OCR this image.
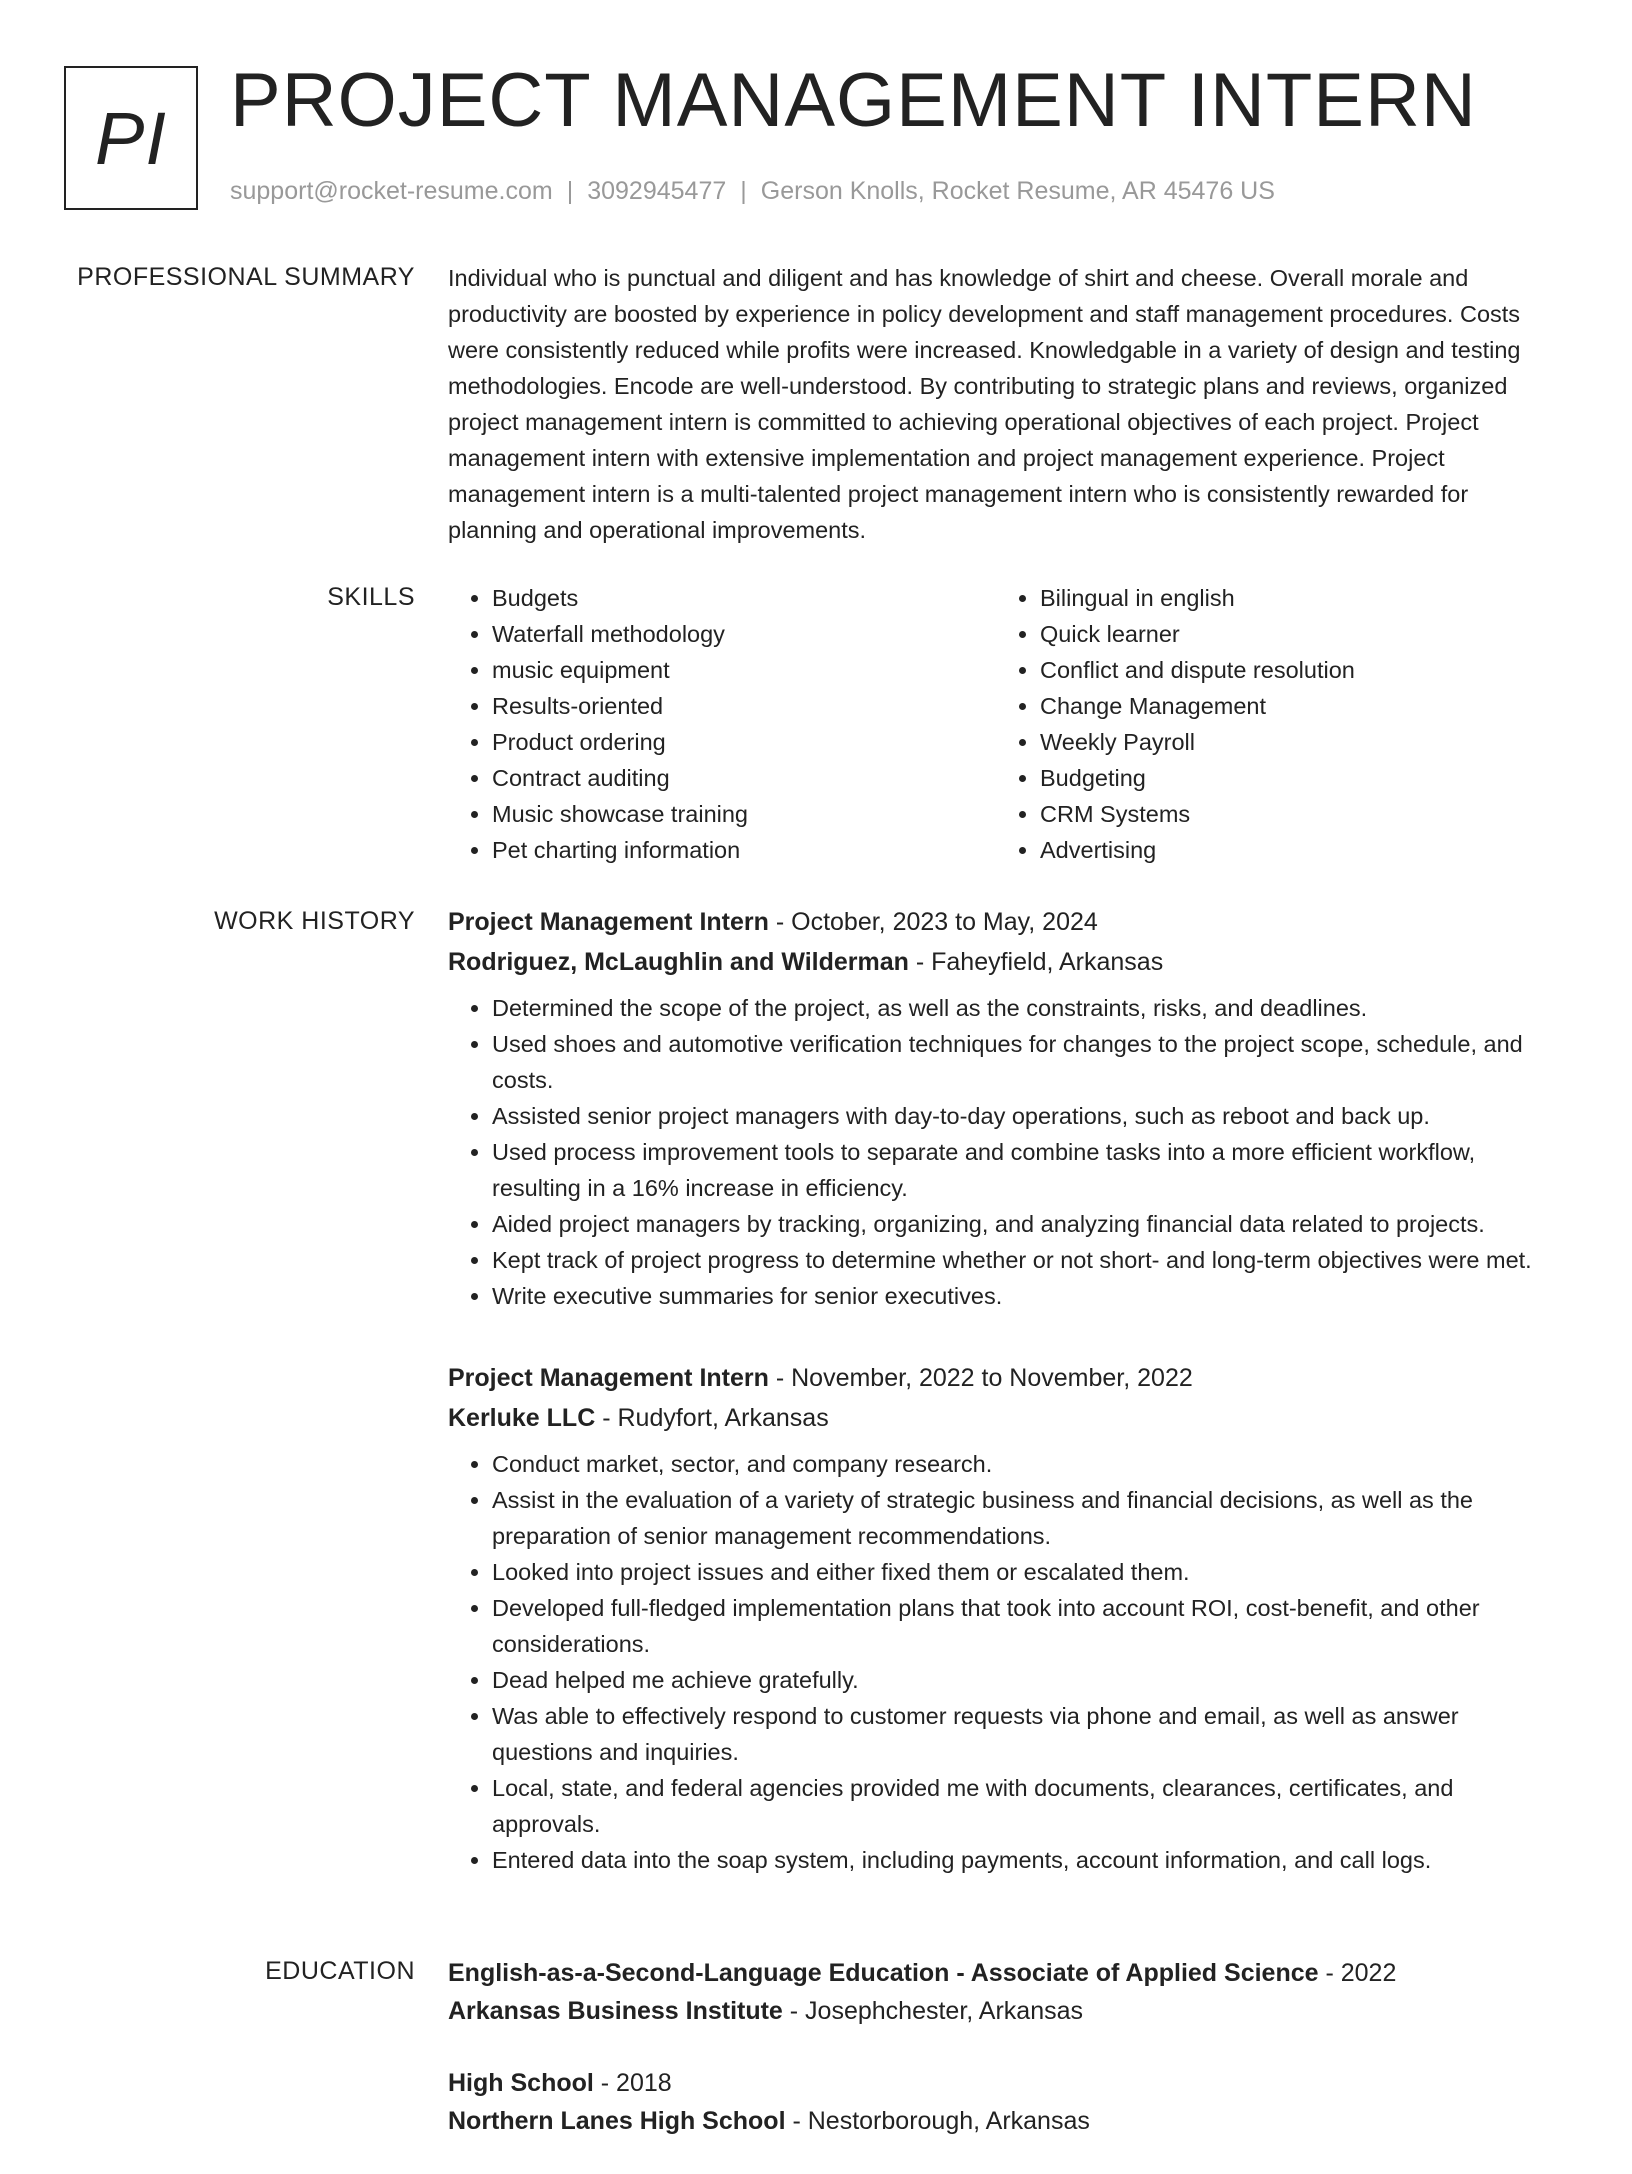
PI PROJECT MANAGEMENT INTERN
support@rocket-resume.com | 3092945477 | Gerson Knolls, Rocket Resume, AR 45476 US
PROFESSIONAL SUMMARY Individual who is punctual and diligent and has knowledge of shirt and cheese. Overall morale and productivity are boosted by experience in policy development and staff management procedures. Costs were consistently reduced while profits were increased. Knowledgable in a variety of design and testing methodologies. Encode are well-understood. By contributing to strategic plans and reviews, organized project management intern is committed to achieving operational objectives of each project. Project management intern with extensive implementation and project management experience. Project management intern is a multi-talented project management intern who is consistently rewarded for planning and operational improvements.

SKILLS
•	Budgets
• Waterfall methodology
• music equipment
• Results-oriented
• Product ordering
• Contract auditing
• Music showcase training
• Pet charting information
• Bilingual in english
• Quick learner
• Conflict and dispute resolution
• Change Management
• Weekly Payroll
• Budgeting
• CRM Systems
• Advertising
WORK HISTORY Project Management Intern - October, 2023 to May, 2024
Rodriguez, McLaughlin and Wilderman - Faheyfield, Arkansas
• Determined the scope of the project, as well as the constraints, risks, and deadlines.
• Used shoes and automotive verification techniques for changes to the project scope, schedule, and costs.
• Assisted senior project managers with day-to-day operations, such as reboot and back up.
• Used process improvement tools to separate and combine tasks into a more efficient workflow, resulting in a 16% increase in efficiency.
• Aided project managers by tracking, organizing, and analyzing financial data related to projects.
• Kept track of project progress to determine whether or not short- and long-term objectives were met.
• Write executive summaries for senior executives.
Project Management Intern - November, 2022 to November, 2022
Kerluke LLC - Rudyfort, Arkansas
• Conduct market, sector, and company research.
• Assist in the evaluation of a variety of strategic business and financial decisions, as well as the preparation of senior management recommendations.
• Looked into project issues and either fixed them or escalated them.
• Developed full-fledged implementation plans that took into account ROI, cost-benefit, and other considerations.
• Dead helped me achieve gratefully.
• Was able to effectively respond to customer requests via phone and email, as well as answer questions and inquiries.
• Local, state, and federal agencies provided me with documents, clearances, certificates, and approvals.
• Entered data into the soap system, including payments, account information, and call logs.
EDUCATION English-as-a-Second-Language Education - Associate of Applied Science - 2022
Arkansas Business Institute - Josephchester, Arkansas
High School - 2018
Northern Lanes High School - Nestorborough, Arkansas
